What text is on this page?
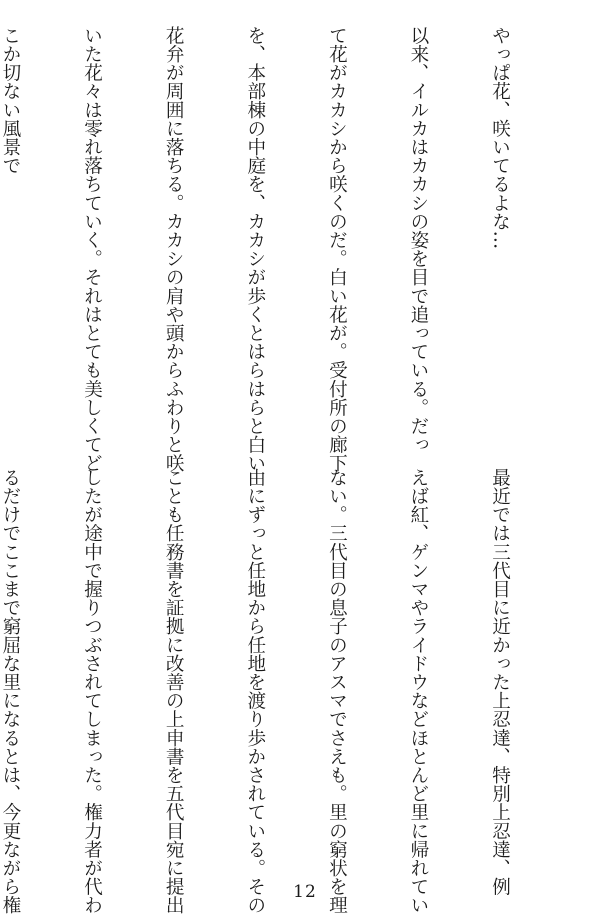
やっぱ花、咲いてるよな…

以来、イルカはカカシの姿を目で追っている。だっ

て花がカカシから咲くのだ。白い花が。受付所の廊下

を、本部棟の中庭を、カカシが歩くとはらはらと白い

花弁が周囲に落ちる。カカシの肩や頭からふわりと咲

いた花々は零れ落ちていく。それはとても美しくてど

こか切ない風景で

最近では三代目に近かった上忍達、特別上忍達、例

えば紅、ゲンマやライドウなどほとんど里に帰れてい

ない。三代目の息子のアスマでさえも。里の窮状を理

由にずっと任地から任地を渡り歩かされている。その

ことも任務書を証拠に改善の上申書を五代目宛に提出

したが途中で握りつぶされてしまった。権力者が代わ

るだけでここまで窮屈な里になるとは、今更ながら権

	12
